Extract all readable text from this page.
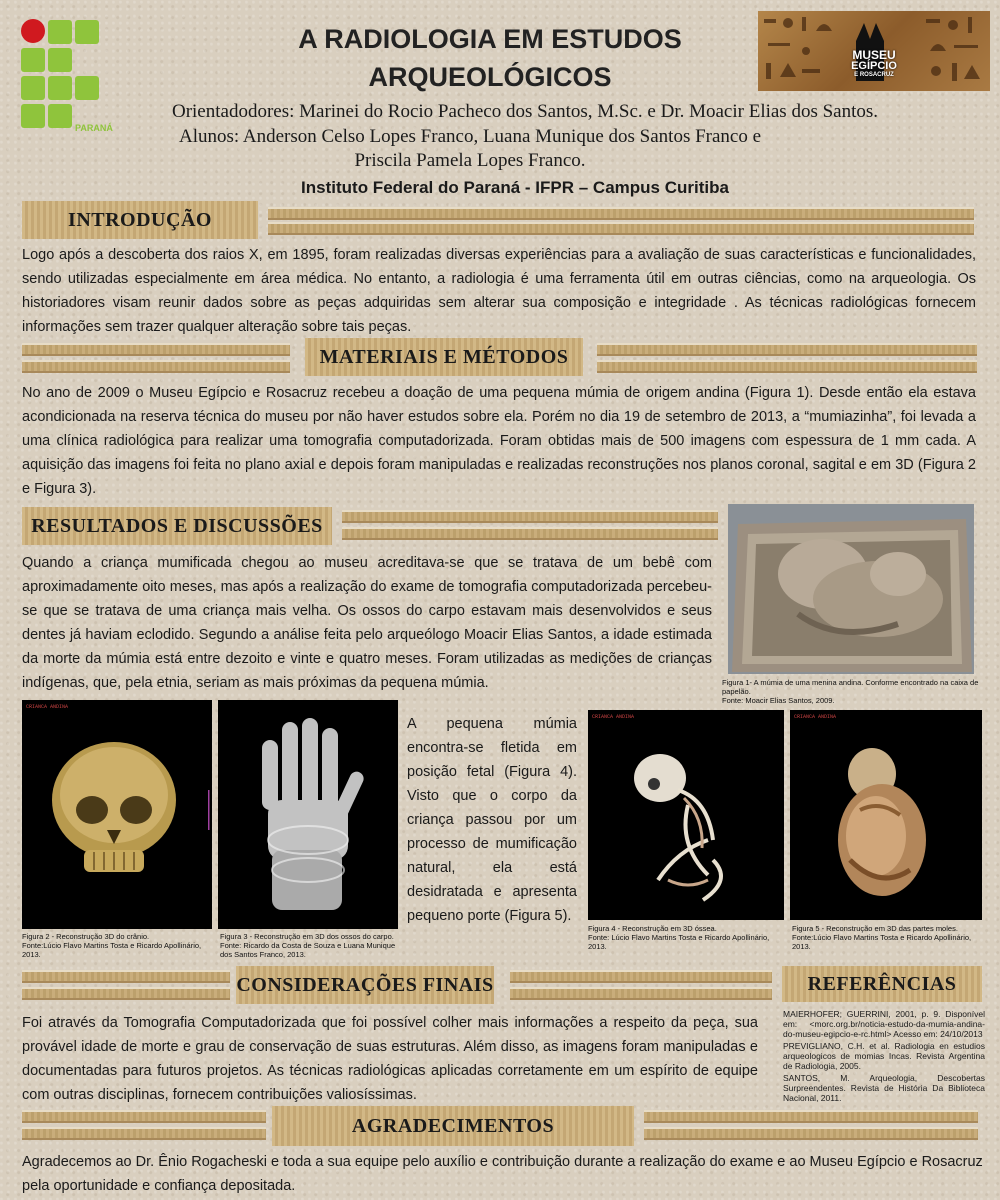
PARANÁ
MUSEU
EGÍPCIO
E ROSACRUZ
A RADIOLOGIA EM ESTUDOS
ARQUEOLÓGICOS
Orientadodores: Marinei do Rocio Pacheco dos Santos, M.Sc. e Dr. Moacir Elias dos Santos.
Alunos: Anderson Celso Lopes Franco, Luana Munique dos Santos Franco e
Priscila Pamela Lopes Franco.
Instituto Federal do Paraná - IFPR – Campus Curitiba
INTRODUÇÃO
Logo após a descoberta dos raios X, em 1895, foram realizadas diversas experiências para a avaliação de suas características e funcionalidades, sendo utilizadas especialmente em área médica. No entanto, a radiologia é uma ferramenta útil em outras ciências, como na arqueologia. Os historiadores visam reunir dados sobre as peças adquiridas sem alterar sua composição e integridade . As técnicas radiológicas fornecem informações sem trazer qualquer alteração sobre tais peças.
MATERIAIS E MÉTODOS
No ano de 2009 o Museu Egípcio e Rosacruz recebeu a doação de uma pequena múmia de origem andina (Figura 1). Desde então ela estava acondicionada na reserva técnica do museu por não haver estudos sobre ela. Porém no dia 19 de setembro de 2013, a “mumiazinha”, foi levada a uma clínica radiológica para realizar uma tomografia computadorizada. Foram obtidas mais de 500 imagens com espessura de 1 mm cada. A aquisição das imagens foi feita no plano axial e depois foram manipuladas e realizadas reconstruções nos planos coronal, sagital e em 3D (Figura 2 e Figura 3).
RESULTADOS E DISCUSSÕES
Quando a criança mumificada chegou ao museu acreditava-se que se tratava de um bebê com aproximadamente oito meses, mas após a realização do exame de tomografia computadorizada percebeu-se que se tratava de uma criança mais velha. Os ossos do carpo estavam mais desenvolvidos e seus dentes já haviam eclodido. Segundo a análise feita pelo arqueólogo Moacir Elias Santos, a idade estimada da morte da múmia está entre dezoito e vinte e quatro meses. Foram utilizadas as medições de crianças indígenas, que, pela etnia, seriam as mais próximas da pequena múmia.	Figura 1- A múmia de uma menina andina. Conforme encontrado na caixa de papelão.
Fonte: Moacir Elias Santos, 2009.
CRIANCA ANDINA
Figura 2 - Reconstrução 3D do crânio.
Fonte:Lúcio Flavo Martins Tosta e Ricardo Apollinário, 2013.
Figura 3 - Reconstrução em 3D dos ossos do carpo.
Fonte: Ricardo da Costa de Souza e Luana Munique dos Santos Franco, 2013.
A pequena múmia encontra-se fletida em posição fetal (Figura 4). Visto que o corpo da criança passou por um processo de mumificação natural, ela está desidratada e apresenta pequeno porte (Figura 5).
CRIANCA ANDINA
Figura 4 - Reconstrução em 3D óssea.
Fonte: Lúcio Flavo Martins Tosta e Ricardo Apollinário, 2013.
CRIANCA ANDINA
Figura 5 - Reconstrução em 3D das partes moles.
Fonte:Lúcio Flavo Martins Tosta e Ricardo Apollinário, 2013.
CONSIDERAÇÕES FINAIS
Foi através da Tomografia Computadorizada que foi possível colher mais informações a respeito da peça, sua provável idade de morte e grau de conservação de suas estruturas. Além disso, as imagens foram manipuladas e documentadas para futuros projetos. As técnicas radiológicas aplicadas corretamente em um espírito de equipe com outras disciplinas, fornecem contribuições valiosíssimas.
REFERÊNCIAS
MAIERHOFER; GUERRINI, 2001, p. 9. Disponível em: <morc.org.br/noticia-estudo-da-mumia-andina-do-museu-egipcio-e-rc.html> Acesso em: 24/10/2013
PREVIGLIANO, C.H. et al. Radiologia en estudios arqueologicos de momias Incas. Revista Argentina de Radiologia, 2005.
SANTOS, M. Arqueologia, Descobertas Surpreendentes. Revista de História Da Biblioteca Nacional, 2011.
AGRADECIMENTOS
Agradecemos ao Dr. Ênio Rogacheski e toda a sua equipe pelo auxílio e contribuição durante a realização do exame e ao Museu Egípcio e Rosacruz pela oportunidade e confiança depositada.
